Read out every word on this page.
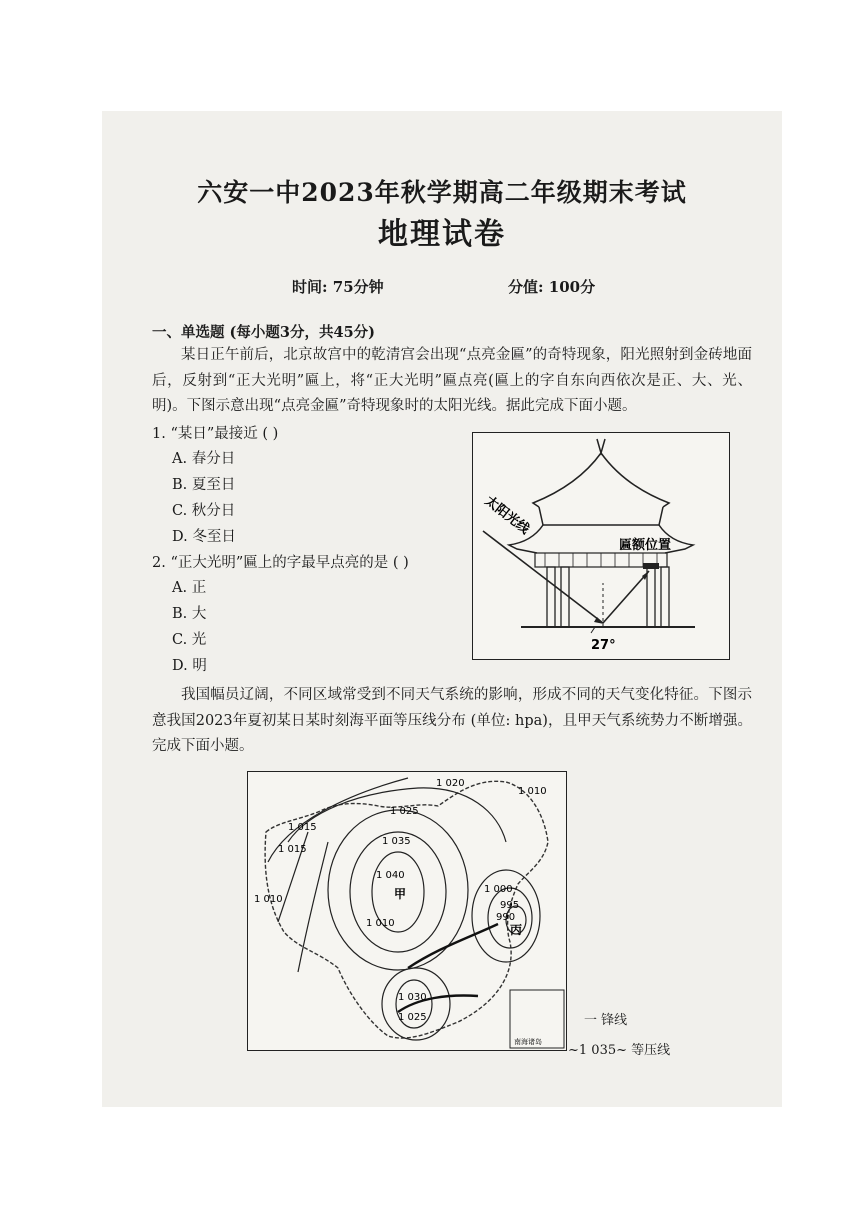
六安一中2023年秋学期高二年级期末考试
地理试卷
时间: 75分钟	分值: 100分
一、单选题 (每小题3分，共45分)
某日正午前后，北京故宫中的乾清宫会出现“点亮金匾”的奇特现象，阳光照射到金砖地面后，反射到“正大光明”匾上，将“正大光明”匾点亮(匾上的字自东向西依次是正、大、光、明)。下图示意出现“点亮金匾”奇特现象时的太阳光线。据此完成下面小题。
1. “某日”最接近 ( )
A. 春分日
B. 夏至日
C. 秋分日
D. 冬至日
2. “正大光明”匾上的字最早点亮的是 ( )
A. 正
B. 大
C. 光
D. 明
太阳光线
匾额位置
27°
我国幅员辽阔，不同区域常受到不同天气系统的影响，形成不同的天气变化特征。下图示意我国2023年夏初某日某时刻海平面等压线分布 (单位: hpa)，且甲天气系统势力不断增强。完成下面小题。
1 020
1 025
1 010
1 015
1 035
1 040
1 010
1 015
1 000
995
990
1 010
1 030
1 025
甲
丙
南海诸岛
一 锋线
~1 035~ 等压线
